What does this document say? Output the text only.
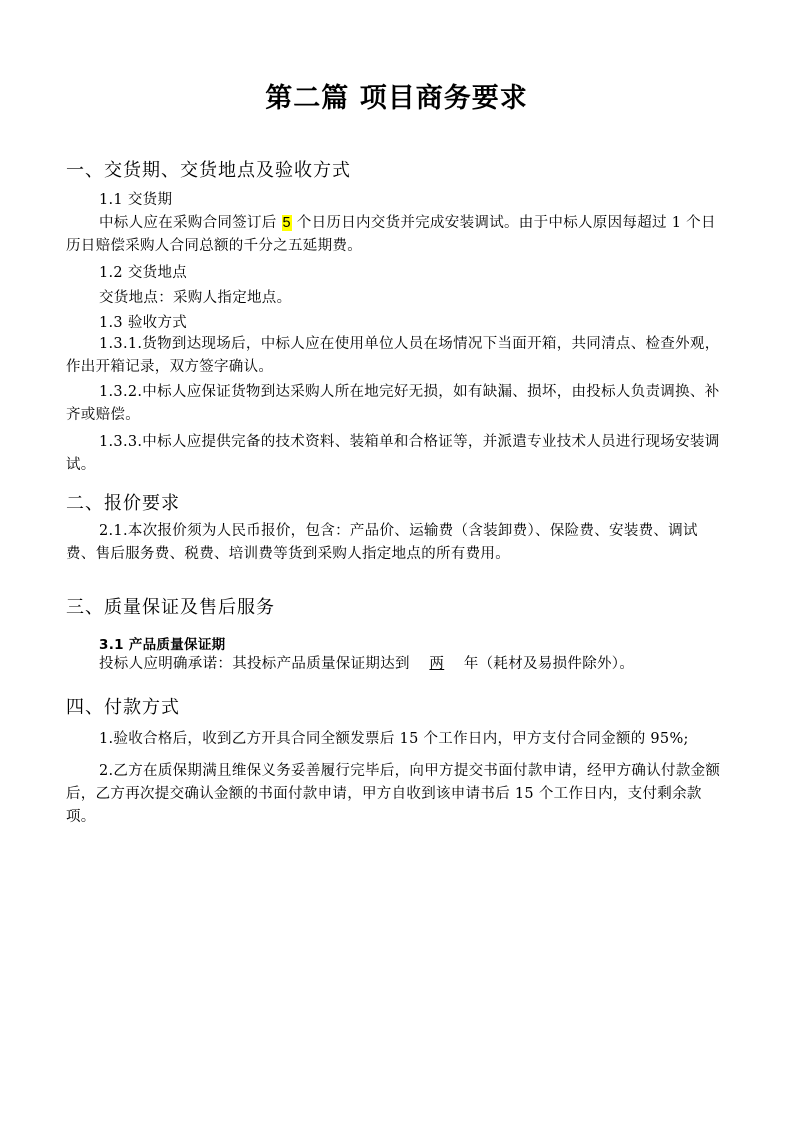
第二篇 项目商务要求
一、交货期、交货地点及验收方式
1.1 交货期
中标人应在采购合同签订后 5 个日历日内交货并完成安装调试。由于中标人原因每超过 1 个日历日赔偿采购人合同总额的千分之五延期费。
1.2 交货地点
交货地点：采购人指定地点。
1.3 验收方式
1.3.1.货物到达现场后，中标人应在使用单位人员在场情况下当面开箱，共同清点、检查外观，作出开箱记录，双方签字确认。
1.3.2.中标人应保证货物到达采购人所在地完好无损，如有缺漏、损坏，由投标人负责调换、补齐或赔偿。
1.3.3.中标人应提供完备的技术资料、装箱单和合格证等，并派遣专业技术人员进行现场安装调试。
二、报价要求
2.1.本次报价须为人民币报价，包含：产品价、运输费（含装卸费）、保险费、安装费、调试费、售后服务费、税费、培训费等货到采购人指定地点的所有费用。
三、质量保证及售后服务
3.1 产品质量保证期
投标人应明确承诺：其投标产品质量保证期达到 两 年（耗材及易损件除外）。
四、付款方式
1.验收合格后，收到乙方开具合同全额发票后 15 个工作日内，甲方支付合同金额的 95%;
2.乙方在质保期满且维保义务妥善履行完毕后，向甲方提交书面付款申请，经甲方确认付款金额后，乙方再次提交确认金额的书面付款申请，甲方自收到该申请书后 15 个工作日内，支付剩余款项。
